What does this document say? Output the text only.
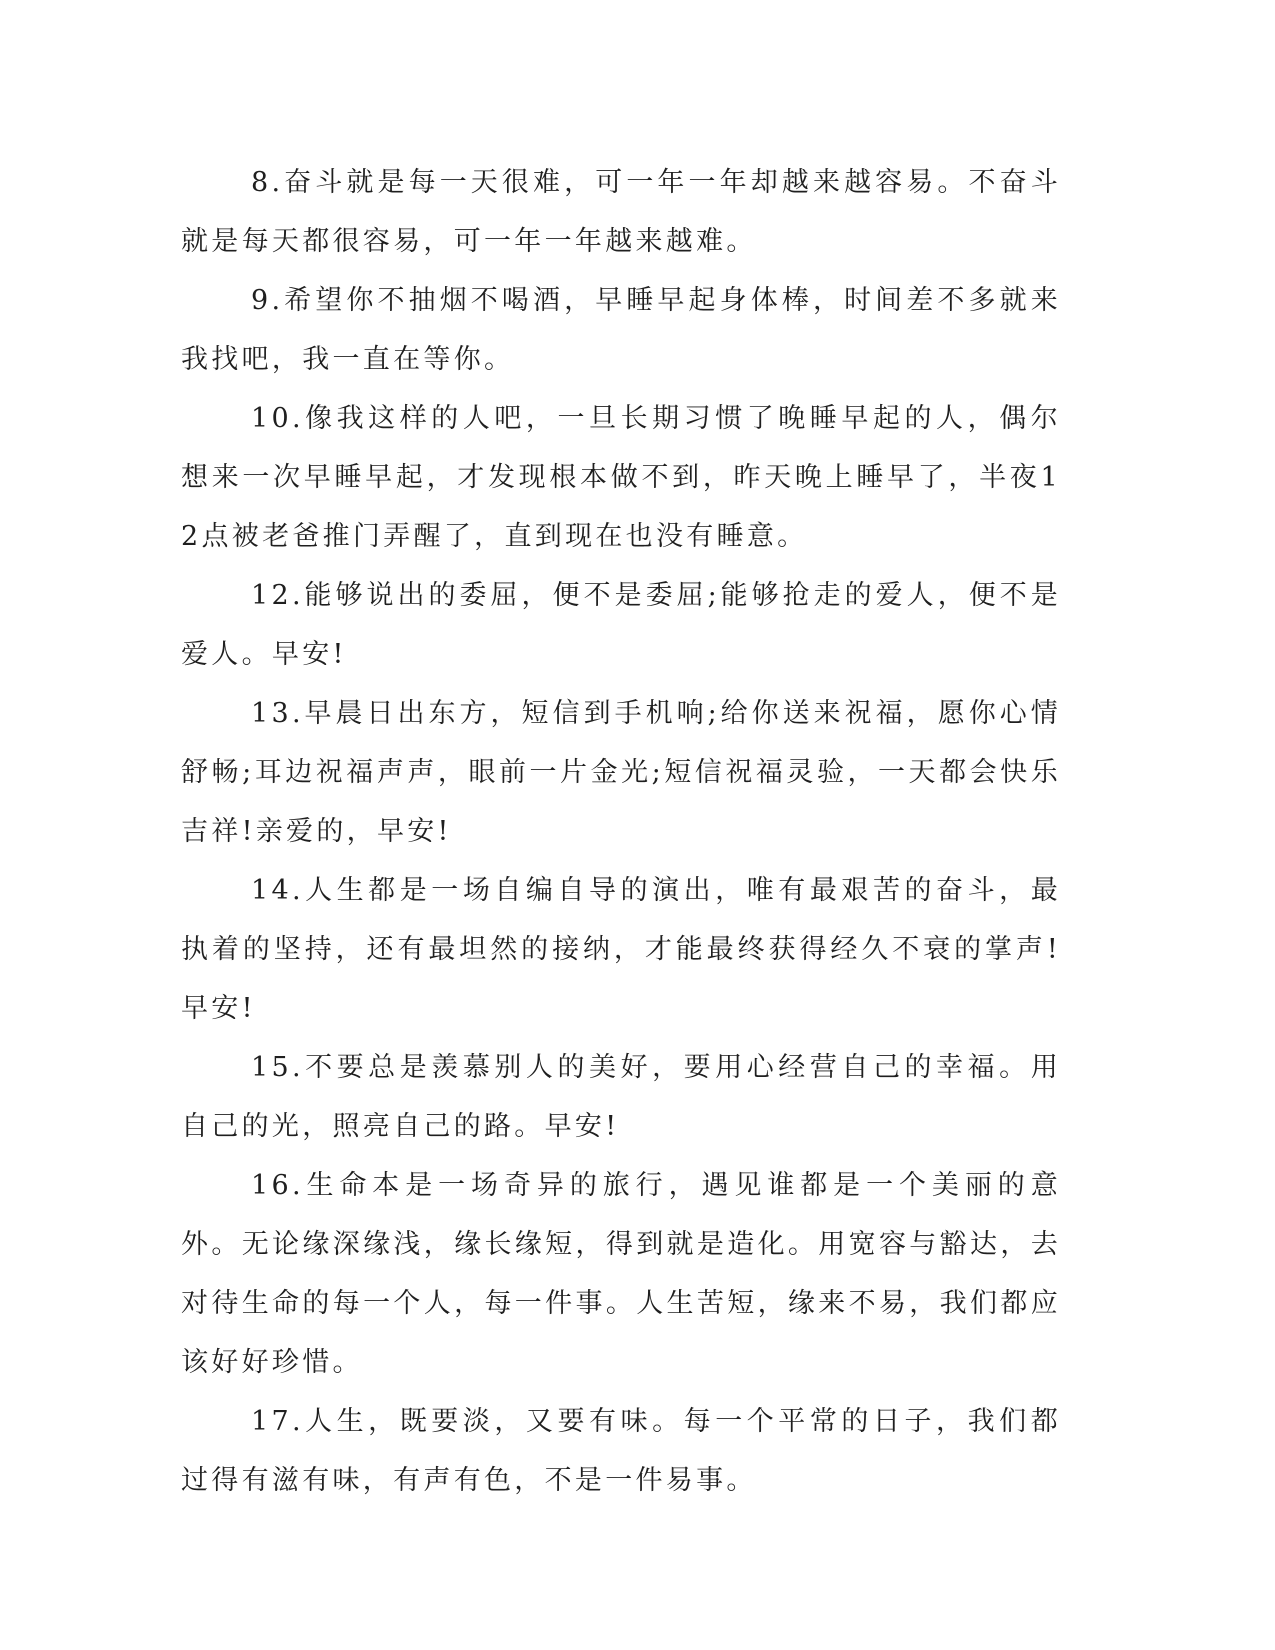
8.奋斗就是每一天很难，可一年一年却越来越容易。不奋斗就是每天都很容易，可一年一年越来越难。

9.希望你不抽烟不喝酒，早睡早起身体棒，时间差不多就来我找吧，我一直在等你。

10.像我这样的人吧，一旦长期习惯了晚睡早起的人，偶尔想来一次早睡早起，才发现根本做不到，昨天晚上睡早了，半夜12点被老爸推门弄醒了，直到现在也没有睡意。

12.能够说出的委屈，便不是委屈;能够抢走的爱人，便不是爱人。早安!

13.早晨日出东方，短信到手机响;给你送来祝福，愿你心情舒畅;耳边祝福声声，眼前一片金光;短信祝福灵验，一天都会快乐吉祥!亲爱的，早安!

14.人生都是一场自编自导的演出，唯有最艰苦的奋斗，最执着的坚持，还有最坦然的接纳，才能最终获得经久不衰的掌声!早安!

15.不要总是羡慕别人的美好，要用心经营自己的幸福。用自己的光，照亮自己的路。早安!

16.生命本是一场奇异的旅行，遇见谁都是一个美丽的意外。无论缘深缘浅，缘长缘短，得到就是造化。用宽容与豁达，去对待生命的每一个人，每一件事。人生苦短，缘来不易，我们都应该好好珍惜。

17.人生，既要淡，又要有味。每一个平常的日子，我们都过得有滋有味，有声有色，不是一件易事。
